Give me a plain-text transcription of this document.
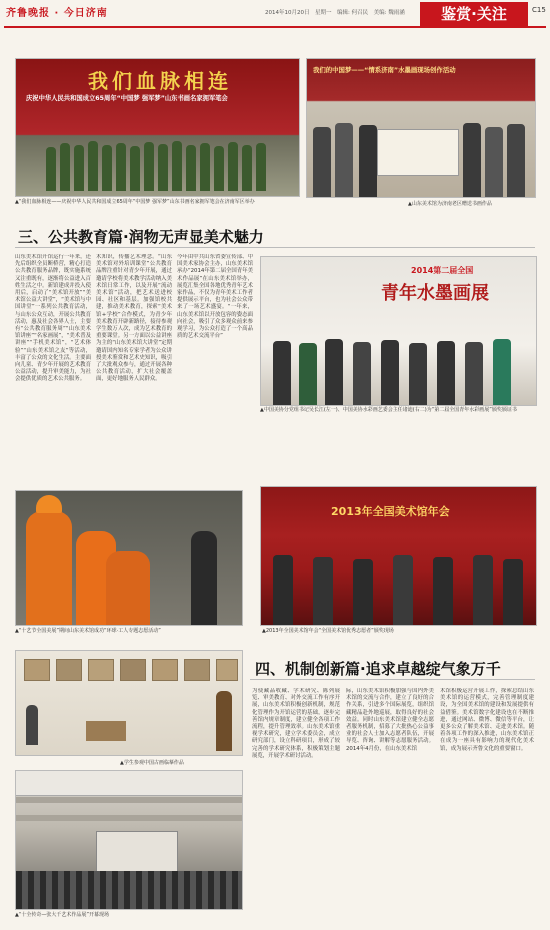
齐鲁晚报 · 今日济南	2014年10月20日　星期一　编辑: 何召民　美编: 魏雨涵	鉴赏·关注	C15
我们血脉相连
庆祝中华人民共和国成立65周年“中国梦 强军梦”山东书画名家拥军笔会
▲“我们血脉相连——庆祝中华人民共和国成立65周年“中国梦 强军梦”山东书画名家拥军笔会在济南军区举办
我们的中国梦——“情系济南”水墨画现场创作活动
▲山东美术馆为济南老区赠送书画作品
三、公共教育篇·润物无声显美术魅力
山东美术馆开馆运行一年来，还先后组织全员断桥营，精心打造公共教育服务品牌，既实施系统又注重既有，逐渐将公益进入百姓生活之中。新馆建成并投入使用后，启动了“美术馆开放”“美术馆公益大讲堂”，“美术馆与中国讲堂”一系列公共教育活动，与山东公众互动，开展公共教育活动，惠及社会各界人士，主要有“公共教育服务周”“山东美术馆讲座”“名家画展”，“美术普及讲座”“手机美术馆”，“艺术体验”“山东美术馆之友”等活动，丰富了公众的文化生活。主要面向儿童、青少年开展的艺术教育公益活动，提升审美能力，为社会提供优质的艺术公共服务。
术知识，传播艺术理念。“山东美术馆对外培训课堂”公共教育品牌注重针对青少年开展，通过邀请学校将美术教学活动纳入美术馆日常工作，以及开展“流动美术馆”活动，把艺术送进校园、社区和基层。加强馆校共建，推动美术教育，探索“美术馆+学校”合作模式，为青少年美术教育开辟新路径，接待参观学生数万人次，成为艺术教育的重要课堂。另一方面以公益讲座为主的“山东美术馆大讲堂”定期邀请国内知名专家学者为公众讲授美术鉴赏和艺术史知识，吸引了大批观众参与，通过开展各种公共教育活动，扩大社会覆盖面，更好地服务人民群众。
今年由中共山东省委宣传部、中国美术家协会主办，山东美术馆承办“2014年第二届全国青年美术作品展”在山东美术馆举办，展览汇集全国各地优秀青年艺术家作品，不仅为青年美术工作者提供展示平台，也为社会公众带来了一场艺术盛宴。“一年来，山东美术馆以开放包容的姿态面向社会，吸引了众多观众前来参观学习，为公众打造了一个高品质的艺术交流平台”
2014第二届全国
青年水墨画展
▲中国美协分党组书记吴长江(左一)、中国美协水彩画艺委会主任诸迪(右二)为“第二届全国青年水彩画展”颁奖颁证书
▲“十艺节全国美展”期间山东美术馆成功“环球·工人专题志愿活动”
2013年全国美术馆年会
▲2013年全国美术馆年会“全国美术馆优秀志愿者”颁奖现场
▲学生参观中国古画临摹作品
▲“十全传奇—张大千艺术作品展”开幕现场
四、机制创新篇·追求卓越绽气象万千
为使藏品收藏、学术研究、陈列展览、审美教育、对外交流工作有序开展，山东美术馆积极创新机制，规范化管理作为开馆运营的基础，逐步完善馆内规章制度，建立健全各项工作流程，提升管理效率。山东美术馆重视学术研究，建立学术委员会，成立研究部门，设立科研项目，形成了较完善的学术研究体系，积极策划主题展览，开展学术研讨活动。
际，山东美术馆积极加强与国内外美术馆的交流与合作，建立了良好的合作关系，引进多个国际展览，组织馆藏精品赴外地巡展，取得良好的社会效益。同时山东美术馆建立健全志愿者服务机制，招募了大批热心公益事业的社会人士加入志愿者队伍，开展导览、咨询、讲解等志愿服务活动。2014年4月份，在山东美术馆
术馆积极运营开展工作，探索总结山东美术馆的运营模式，完善管理制度建设，为全国美术馆的建设和发展提供有益借鉴。美术馆数字化建设也在不断推进，通过网站、微博、微信等平台，让更多公众了解美术馆、走进美术馆。随着各项工作的深入推进，山东美术馆正在成为一座具有影响力的现代化美术馆，成为展示齐鲁文化的重要窗口。
